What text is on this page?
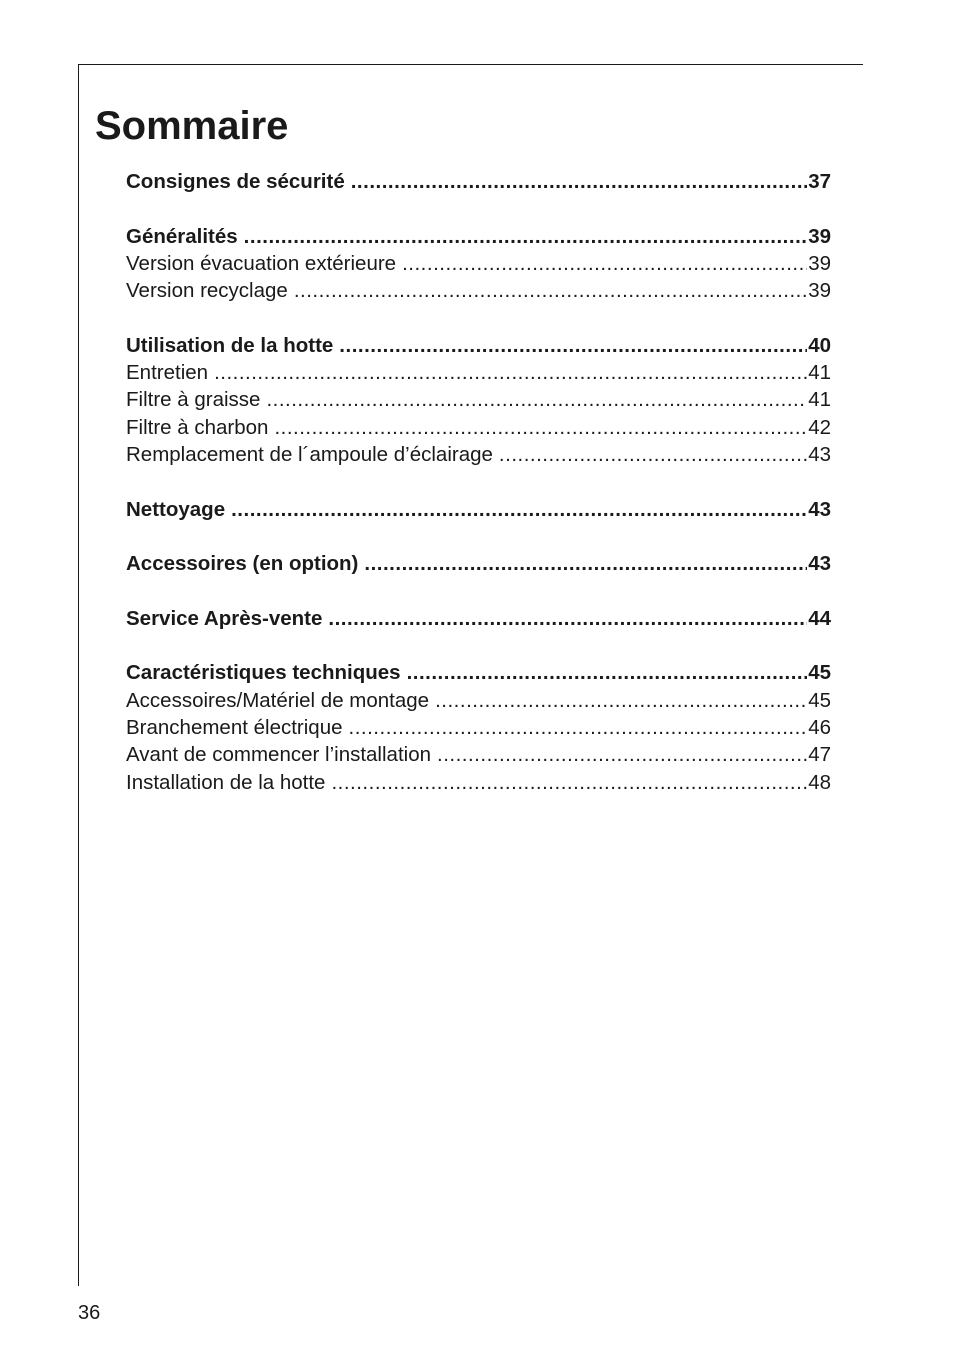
Sommaire
Consignes de sécurité .....	37
Généralités .....	39
Version évacuation extérieure .....	39
Version recyclage .....	39
Utilisation de la hotte .....	40
Entretien .....	41
Filtre à graisse .....	41
Filtre à charbon .....	42
Remplacement de l´ampoule d’éclairage .....	43
Nettoyage .....	43
Accessoires (en option) .....	43
Service Après-vente .....	44
Caractéristiques techniques .....	45
Accessoires/Matériel de montage .....	45
Branchement électrique .....	46
Avant de commencer l’installation .....	47
Installation de la hotte .....	48
36
